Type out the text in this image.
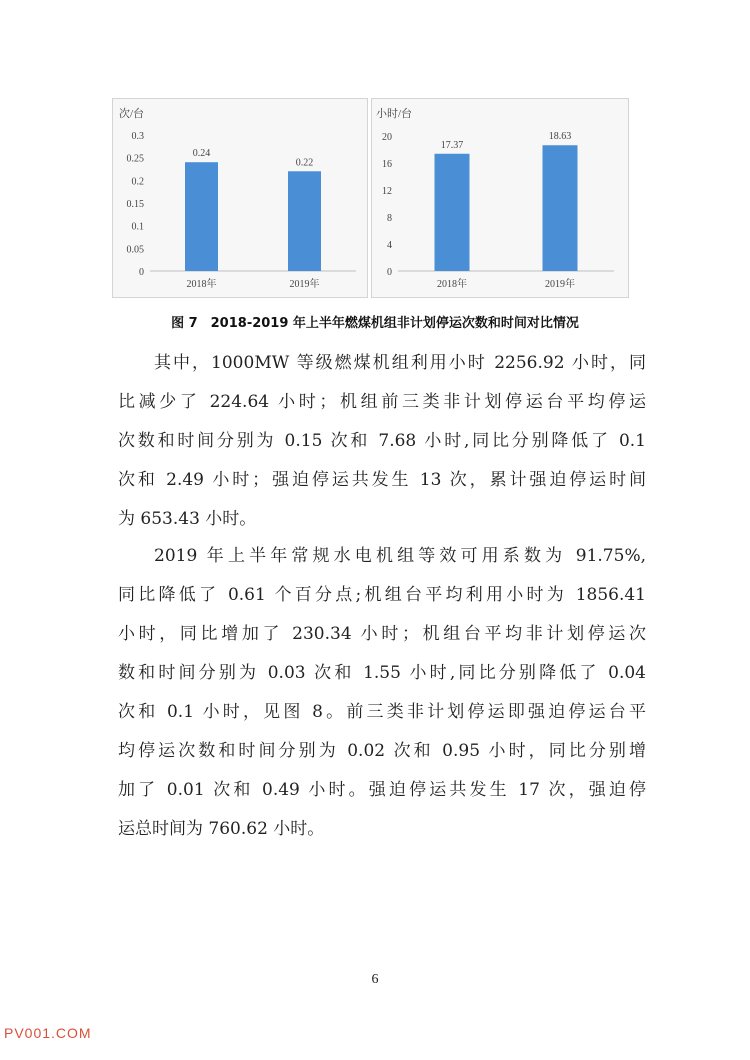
次/台
0
0.05
0.1
0.15
0.2
0.25
0.3
0.24
2018年
0.22
2019年
小时/台
0
4
8
12
16
20
17.37
2018年
18.63
2019年
图 7　2018-2019 年上半年燃煤机组非计划停运次数和时间对比情况
其中，1000MW 等级燃煤机组利用小时 2256.92 小时，同
比减少了 224.64 小时；机组前三类非计划停运台平均停运
次数和时间分别为 0.15 次和 7.68 小时,同比分别降低了 0.1
次和 2.49 小时；强迫停运共发生 13 次，累计强迫停运时间
为 653.43 小时。
2019 年上半年常规水电机组等效可用系数为 91.75%,
同比降低了 0.61 个百分点;机组台平均利用小时为 1856.41
小时，同比增加了 230.34 小时；机组台平均非计划停运次
数和时间分别为 0.03 次和 1.55 小时,同比分别降低了 0.04
次和 0.1 小时，见图 8。前三类非计划停运即强迫停运台平
均停运次数和时间分别为 0.02 次和 0.95 小时，同比分别增
加了 0.01 次和 0.49 小时。强迫停运共发生 17 次，强迫停
运总时间为 760.62 小时。
6
PV001.COM
